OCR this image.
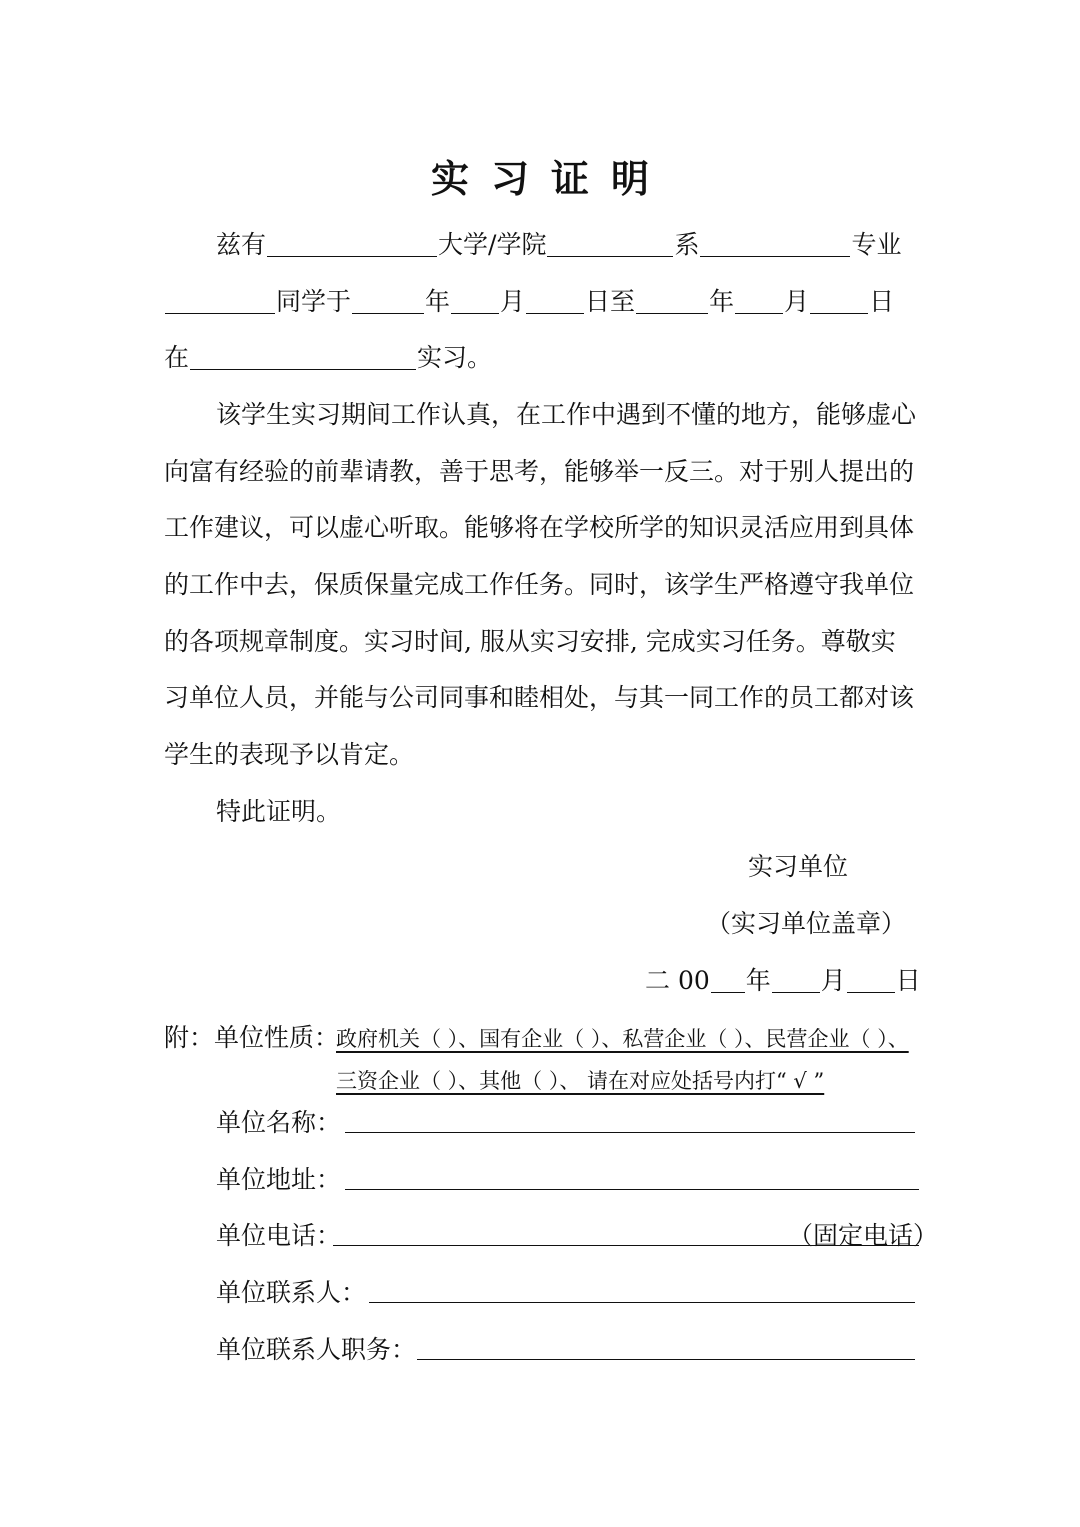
实习证明
兹有	大学/学院	系	专业
同学于	年 月 日至	年 月 日
在	实习。
该学生实习期间工作认真，在工作中遇到不懂的地方，能够虚心
向富有经验的前辈请教，善于思考，能够举一反三。对于别人提出的
工作建议，可以虚心听取。能够将在学校所学的知识灵活应用到具体
的工作中去，保质保量完成工作任务。同时，该学生严格遵守我单位
的各项规章制度。实习时间, 服从实习安排, 完成实习任务。尊敬实
习单位人员，并能与公司同事和睦相处，与其一同工作的员工都对该
学生的表现予以肯定。
特此证明。
实习单位
（实习单位盖章）
二 00 年 月 日
附：单位性质：
政府机关（ ）、国有企业（ ）、私营企业（ ）、民营企业（ ）、
三资企业（ ）、其他（ ）、 请在对应处括号内打“ √ ”
单位名称：
单位地址：
单位电话：	（固定电话）
单位联系人：
单位联系人职务：
